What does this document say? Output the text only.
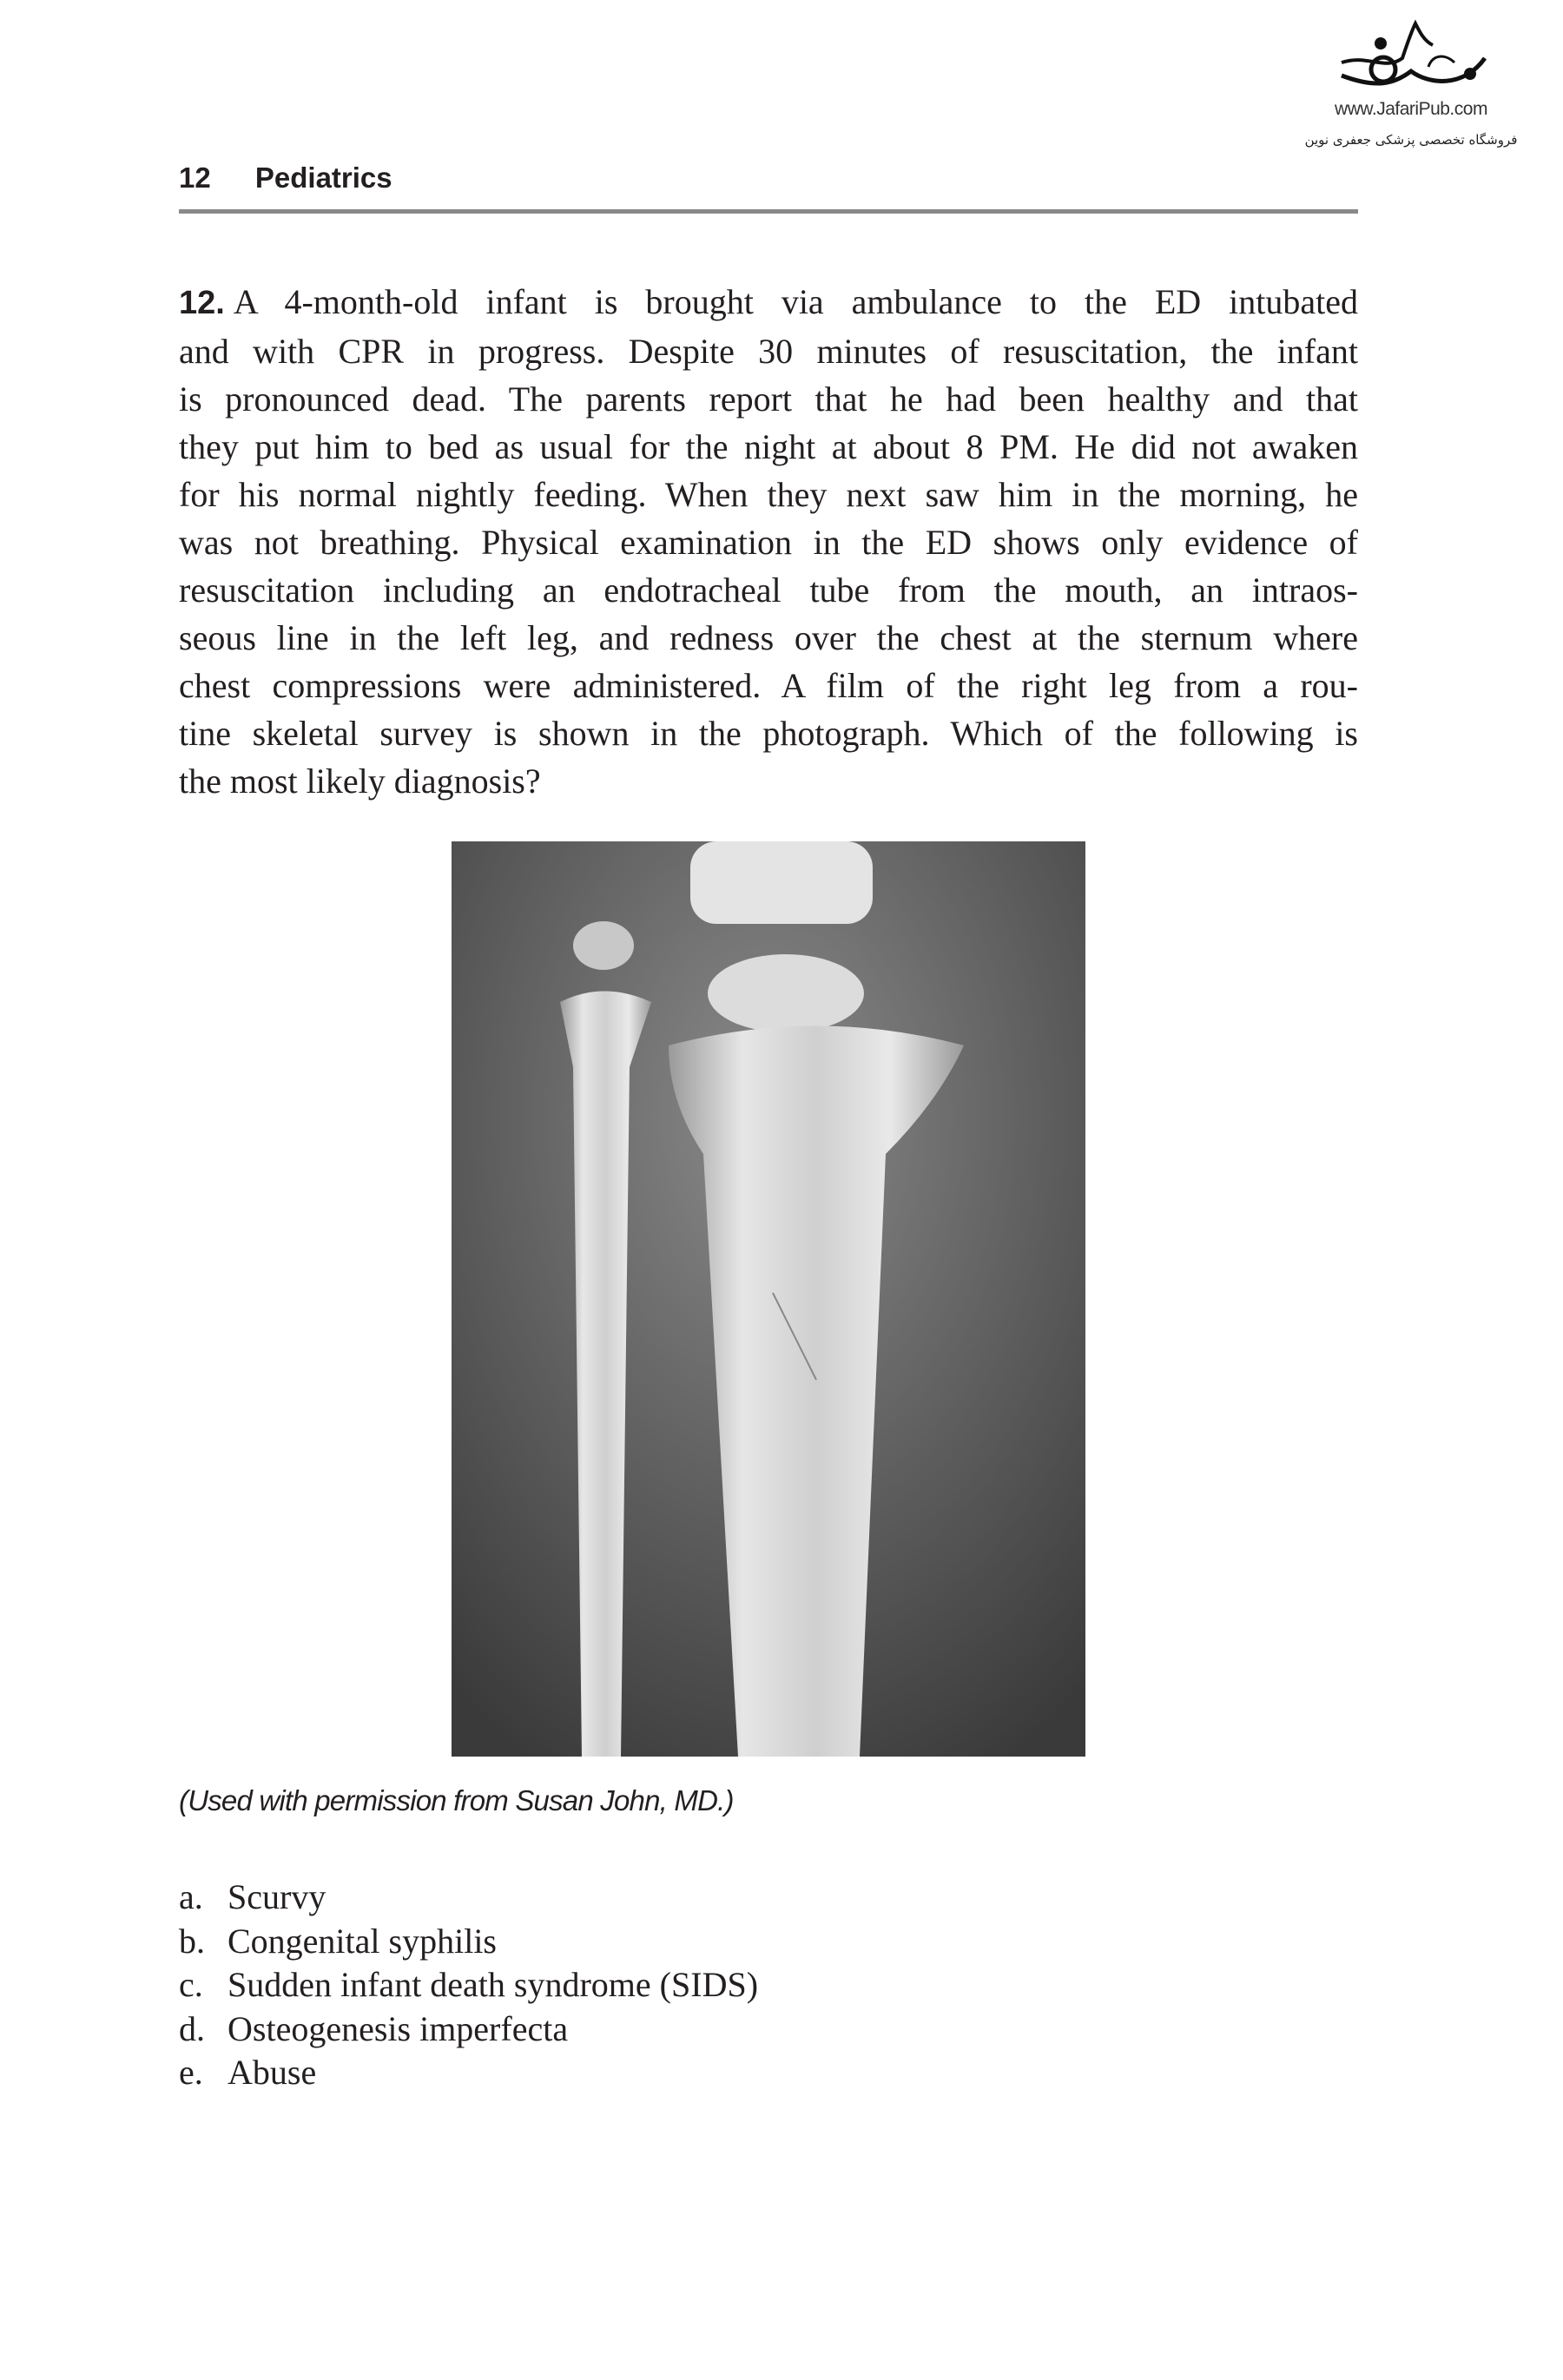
www.JafariPub.com
فروشگاه تخصصی پزشکی جعفری نوین
12 Pediatrics
12. A 4-month-old infant is brought via ambulance to the ED intubated
and with CPR in progress. Despite 30 minutes of resuscitation, the infant
is pronounced dead. The parents report that he had been healthy and that
they put him to bed as usual for the night at about 8 PM. He did not awaken
for his normal nightly feeding. When they next saw him in the morning, he
was not breathing. Physical examination in the ED shows only evidence of
resuscitation including an endotracheal tube from the mouth, an intraos-
seous line in the left leg, and redness over the chest at the sternum where
chest compressions were administered. A film of the right leg from a rou-
tine skeletal survey is shown in the photograph. Which of the following is
the most likely diagnosis?
(Used with permission from Susan John, MD.)
a. Scurvy
b. Congenital syphilis
c. Sudden infant death syndrome (SIDS)
d. Osteogenesis imperfecta
e. Abuse
